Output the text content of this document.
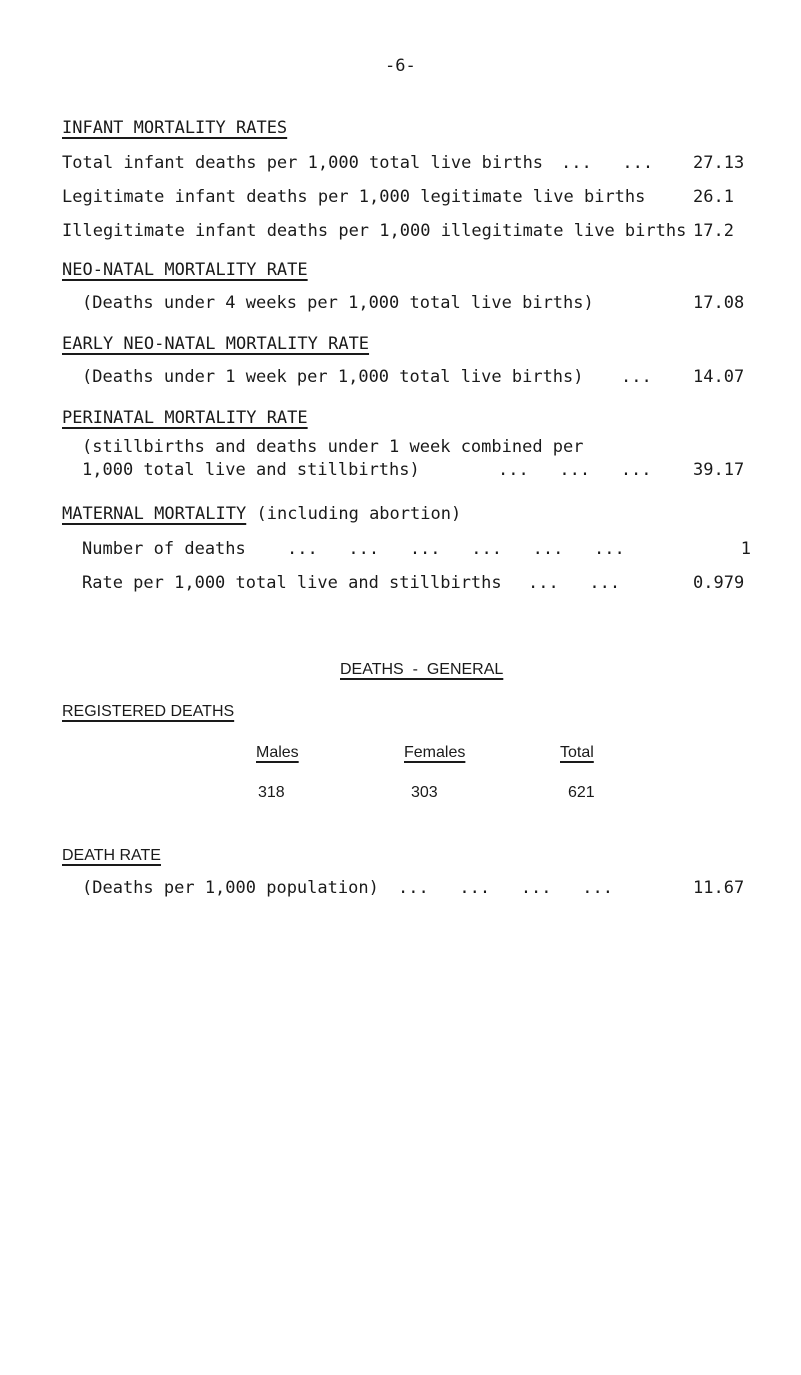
-6-
INFANT MORTALITY RATES
Total infant deaths per 1,000 total live births ...   ... 27.13
Legitimate infant deaths per 1,000 legitimate live births	26.1
Illegitimate infant deaths per 1,000 illegitimate live births 17.2
NEO-NATAL MORTALITY RATE
(Deaths under 4 weeks per 1,000 total live births)	17.08
EARLY NEO-NATAL MORTALITY RATE
(Deaths under 1 week per 1,000 total live births) ... 14.07
PERINATAL MORTALITY RATE
(stillbirths and deaths under 1 week combined per
1,000 total live and stillbirths)	...   ...   ... 39.17
MATERNAL MORTALITY (including abortion)
Number of deaths ...   ...   ...   ...   ...   ...	1
Rate per 1,000 total live and stillbirths ...   ...	0.979
DEATHS  -  GENERAL
REGISTERED DEATHS
Males	Females	Total
318	303	621
DEATH RATE
(Deaths per 1,000 population) ...   ...   ...   ...	11.67
